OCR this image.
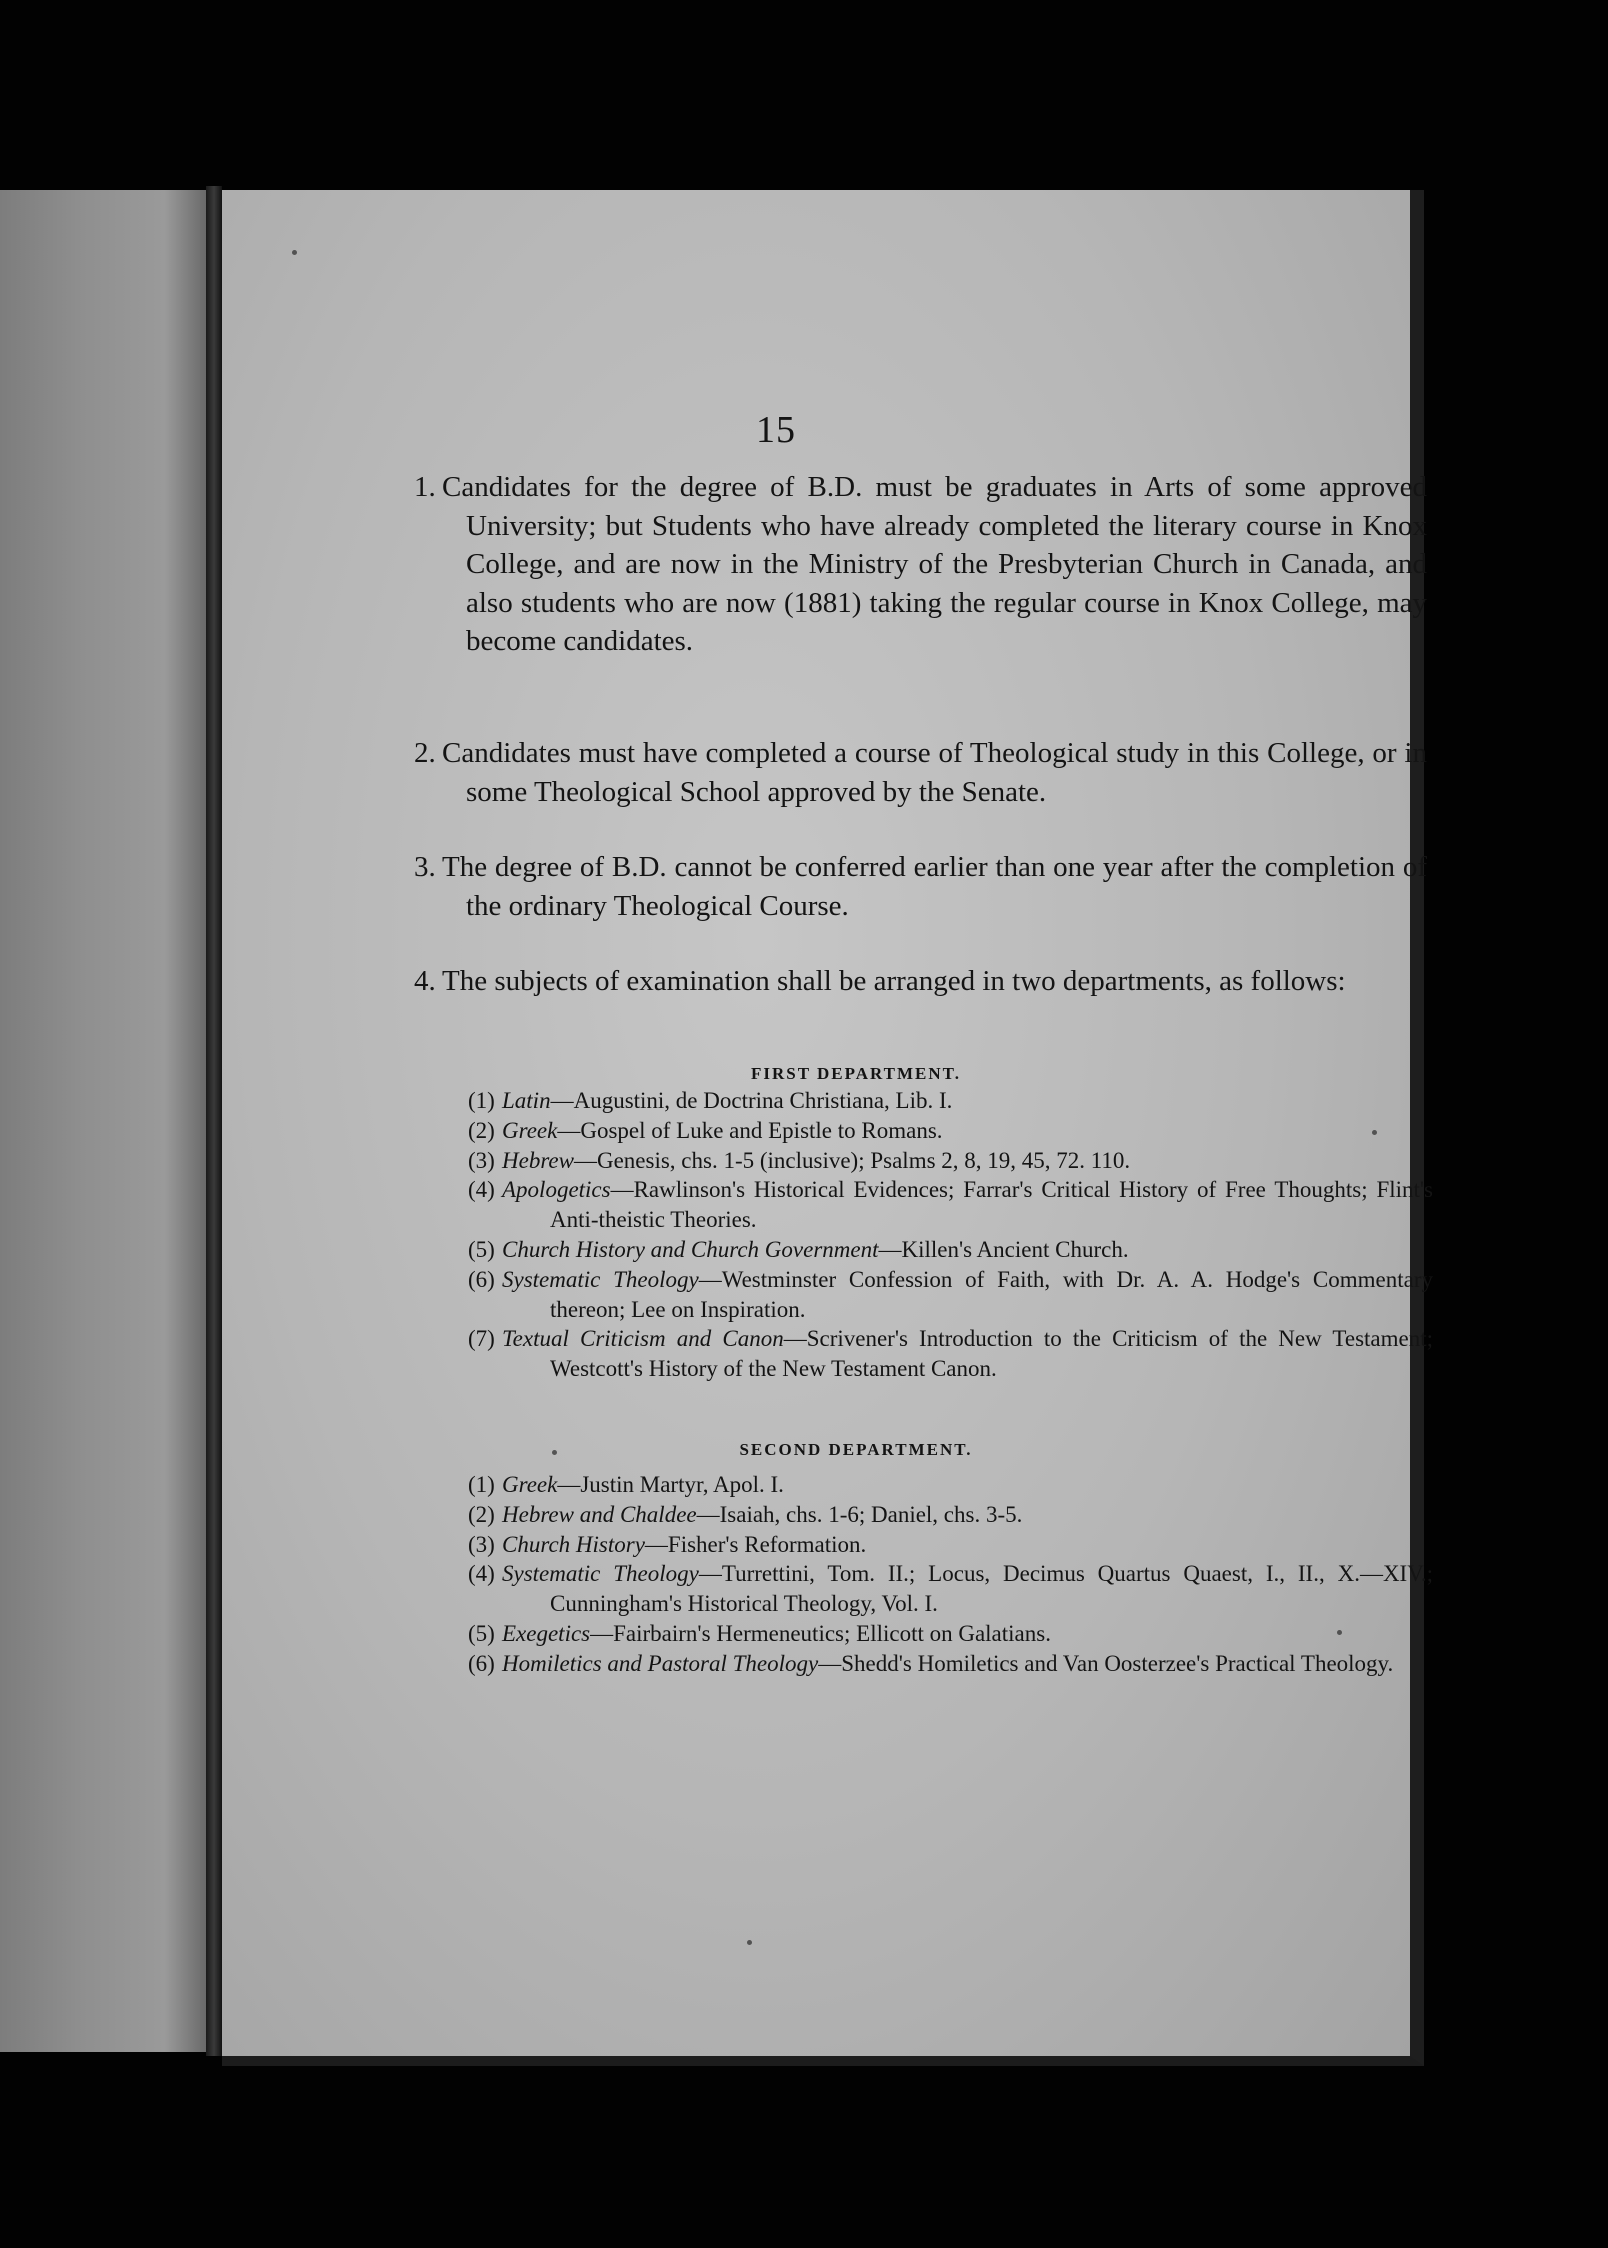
15
1. Candidates for the degree of B.D. must be graduates in Arts of some approved University; but Students who have already completed the literary course in Knox College, and are now in the Ministry of the Presbyterian Church in Canada, and also students who are now (1881) taking the regular course in Knox College, may become candidates.
2. Candidates must have completed a course of Theological study in this College, or in some Theological School approved by the Senate.
3. The degree of B.D. cannot be conferred earlier than one year after the completion of the ordinary Theological Course.
4. The subjects of examination shall be arranged in two departments, as follows:
FIRST DEPARTMENT.
(1) Latin—Augustini, de Doctrina Christiana, Lib. I.
(2) Greek—Gospel of Luke and Epistle to Romans.
(3) Hebrew—Genesis, chs. 1-5 (inclusive); Psalms 2, 8, 19, 45, 72. 110.
(4) Apologetics—Rawlinson's Historical Evidences; Farrar's Critical History of Free Thoughts; Flint's Anti-theistic Theories.
(5) Church History and Church Government—Killen's Ancient Church.
(6) Systematic Theology—Westminster Confession of Faith, with Dr. A. A. Hodge's Commentary thereon; Lee on Inspiration.
(7) Textual Criticism and Canon—Scrivener's Introduction to the Criticism of the New Testament; Westcott's History of the New Testament Canon.
SECOND DEPARTMENT.
(1) Greek—Justin Martyr, Apol. I.
(2) Hebrew and Chaldee—Isaiah, chs. 1-6; Daniel, chs. 3-5.
(3) Church History—Fisher's Reformation.
(4) Systematic Theology—Turrettini, Tom. II.; Locus, Decimus Quartus Quaest, I., II., X.—XIV.; Cunningham's Historical Theology, Vol. I.
(5) Exegetics—Fairbairn's Hermeneutics; Ellicott on Galatians.
(6) Homiletics and Pastoral Theology—Shedd's Homiletics and Van Oosterzee's Practical Theology.
